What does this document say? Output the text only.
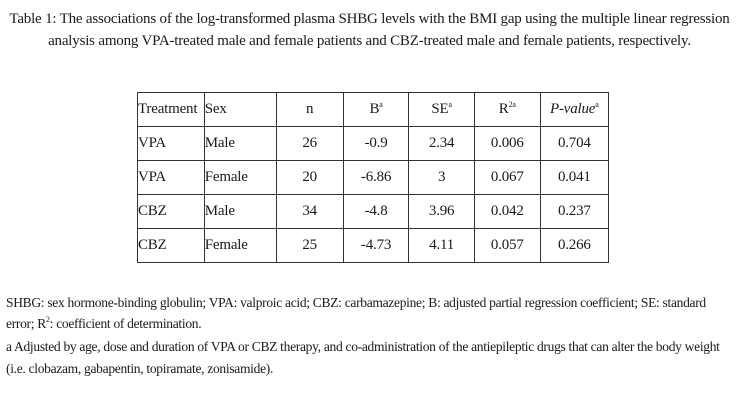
Table 1: The associations of the log-transformed plasma SHBG levels with the BMI gap using the multiple linear regression analysis among VPA-treated male and female patients and CBZ-treated male and female patients, respectively.
Treatment	Sex	n	$B^a$	$SE^a$	$R^{2a}$	P-value$^a$
VPA	Male	26	-0.9	2.34	0.006	0.704
VPA	Female	20	-6.86	3	0.067	0.041
CBZ	Male	34	-4.8	3.96	0.042	0.237
CBZ	Female	25	-4.73	4.11	0.057	0.266

SHBG: sex hormone-binding globulin; VPA: valproic acid; CBZ: carbamazepine; B: adjusted partial regression coefficient; SE: standard error; $R^2$: coefficient of determination.

a Adjusted by age, dose and duration of VPA or CBZ therapy, and co-administration of the antiepileptic drugs that can alter the body weight (i.e. clobazam, gabapentin, topiramate, zonisamide).
